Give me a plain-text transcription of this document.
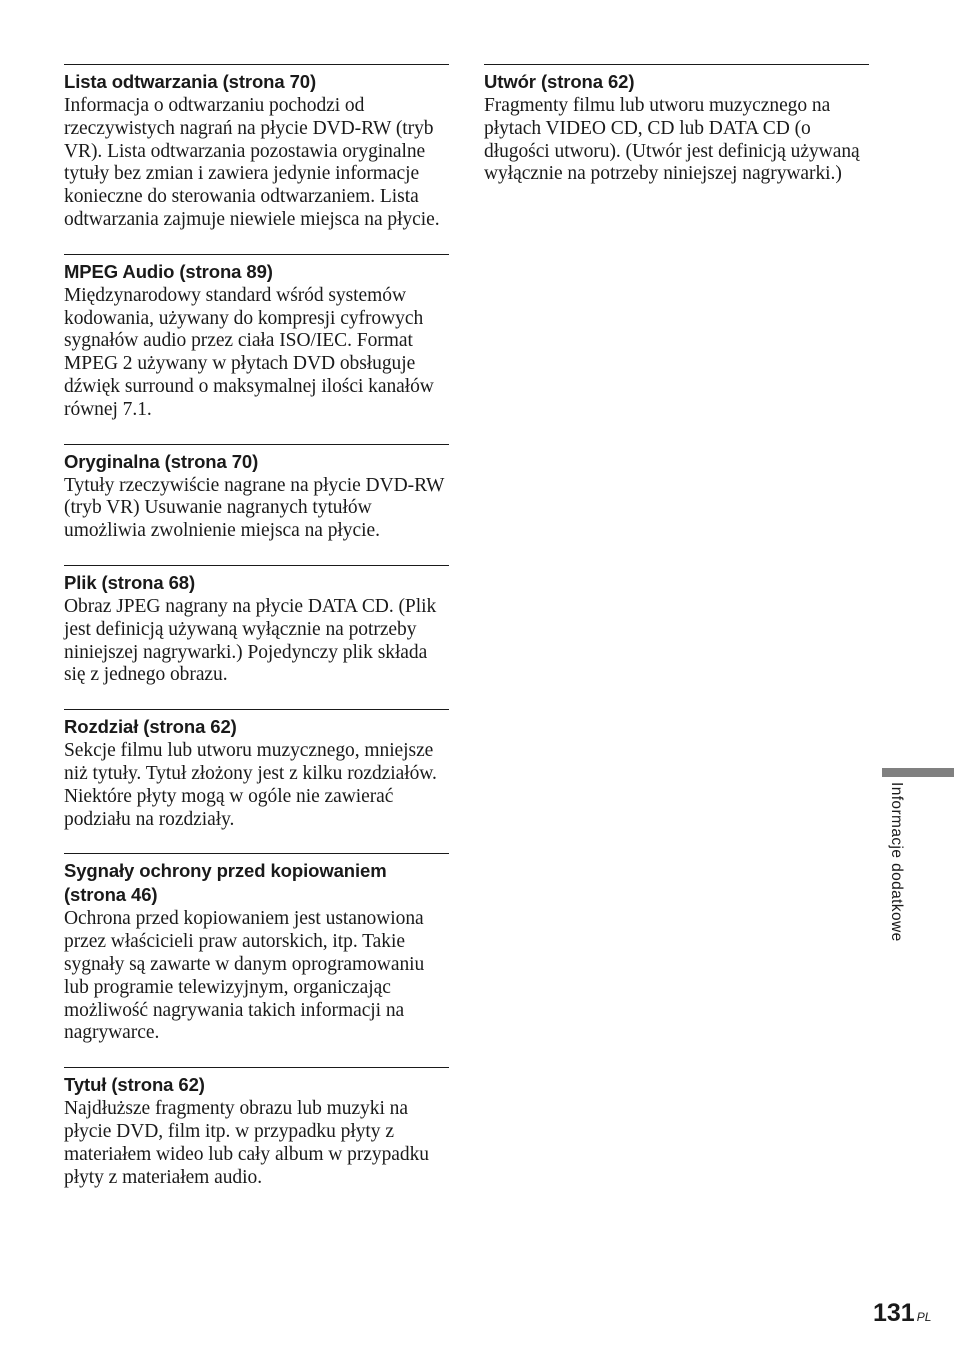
Lista odtwarzania (strona 70)

Informacja o odtwarzaniu pochodzi od rzeczywistych nagrań na płycie DVD-RW (tryb VR). Lista odtwarzania pozostawia oryginalne tytuły bez zmian i zawiera jedynie informacje konieczne do sterowania odtwarzaniem. Lista odtwarzania zajmuje niewiele miejsca na płycie.

MPEG Audio (strona 89)

Międzynarodowy standard wśród systemów kodowania, używany do kompresji cyfrowych sygnałów audio przez ciała ISO/IEC. Format MPEG 2 używany w płytach DVD obsługuje dźwięk surround o maksymalnej ilości kanałów równej 7.1.

Oryginalna (strona 70)

Tytuły rzeczywiście nagrane na płycie DVD-RW (tryb VR) Usuwanie nagranych tytułów umożliwia zwolnienie miejsca na płycie.

Plik (strona 68)

Obraz JPEG nagrany na płycie DATA CD. (Plik jest definicją używaną wyłącznie na potrzeby niniejszej nagrywarki.) Pojedynczy plik składa się z jednego obrazu.

Rozdział (strona 62)

Sekcje filmu lub utworu muzycznego, mniejsze niż tytuły. Tytuł złożony jest z kilku rozdziałów. Niektóre płyty mogą w ogóle nie zawierać podziału na rozdziały.

Sygnały ochrony przed kopiowaniem (strona 46)

Ochrona przed kopiowaniem jest ustanowiona przez właścicieli praw autorskich, itp. Takie sygnały są zawarte w danym oprogramowaniu lub programie telewizyjnym, organiczając możliwość nagrywania takich informacji na nagrywarce.

Tytuł (strona 62)

Najdłuższe fragmenty obrazu lub muzyki na płycie DVD, film itp. w przypadku płyty z materiałem wideo lub cały album w przypadku płyty z materiałem audio.

Utwór (strona 62)

Fragmenty filmu lub utworu muzycznego na płytach VIDEO CD, CD lub DATA CD (o długości utworu). (Utwór jest definicją używaną wyłącznie na potrzeby niniejszej nagrywarki.)

Informacje dodatkowe
131 $^{PL}$
